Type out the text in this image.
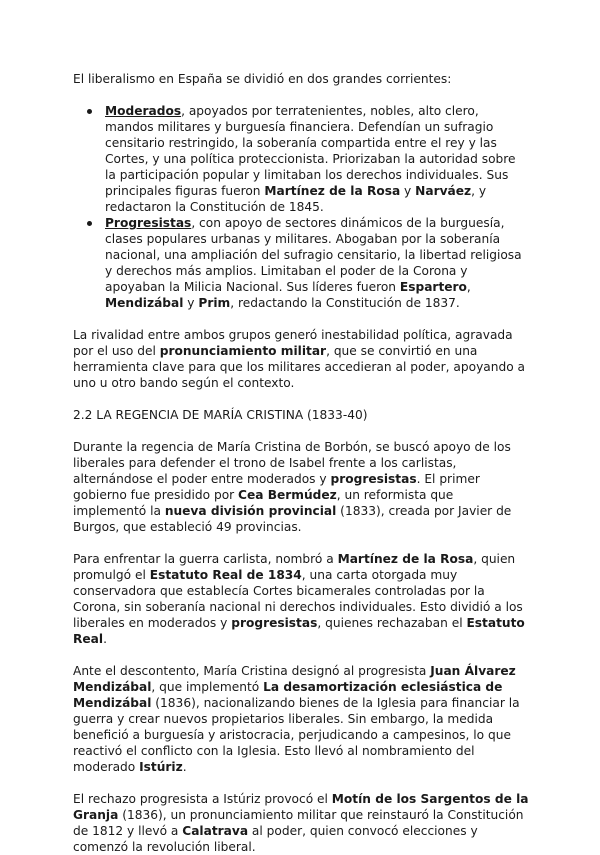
El liberalismo en España se dividió en dos grandes corrientes:

Moderados, apoyados por terratenientes, nobles, alto clero, mandos militares y burguesía financiera. Defendían un sufragio censitario restringido, la soberanía compartida entre el rey y las Cortes, y una política proteccionista. Priorizaban la autoridad sobre la participación popular y limitaban los derechos individuales. Sus principales figuras fueron Martínez de la Rosa y Narváez, y redactaron la Constitución de 1845.
Progresistas, con apoyo de sectores dinámicos de la burguesía, clases populares urbanas y militares. Abogaban por la soberanía nacional, una ampliación del sufragio censitario, la libertad religiosa y derechos más amplios. Limitaban el poder de la Corona y apoyaban la Milicia Nacional. Sus líderes fueron Espartero, Mendizábal y Prim, redactando la Constitución de 1837.

La rivalidad entre ambos grupos generó inestabilidad política, agravada por el uso del pronunciamiento militar, que se convirtió en una herramienta clave para que los militares accedieran al poder, apoyando a uno u otro bando según el contexto.

2.2 LA REGENCIA DE MARÍA CRISTINA (1833-40)

Durante la regencia de María Cristina de Borbón, se buscó apoyo de los liberales para defender el trono de Isabel frente a los carlistas, alternándose el poder entre moderados y progresistas. El primer gobierno fue presidido por Cea Bermúdez, un reformista que implementó la nueva división provincial (1833), creada por Javier de Burgos, que estableció 49 provincias.

Para enfrentar la guerra carlista, nombró a Martínez de la Rosa, quien promulgó el Estatuto Real de 1834, una carta otorgada muy conservadora que establecía Cortes bicamerales controladas por la Corona, sin soberanía nacional ni derechos individuales. Esto dividió a los liberales en moderados y progresistas, quienes rechazaban el Estatuto Real.

Ante el descontento, María Cristina designó al progresista Juan Álvarez Mendizábal, que implementó La desamortización eclesiástica de Mendizábal (1836), nacionalizando bienes de la Iglesia para financiar la guerra y crear nuevos propietarios liberales. Sin embargo, la medida benefició a burguesía y aristocracia, perjudicando a campesinos, lo que reactivó el conflicto con la Iglesia. Esto llevó al nombramiento del moderado Istúriz.

El rechazo progresista a Istúriz provocó el Motín de los Sargentos de la Granja (1836), un pronunciamiento militar que reinstauró la Constitución de 1812 y llevó a Calatrava al poder, quien convocó elecciones y comenzó la revolución liberal.
